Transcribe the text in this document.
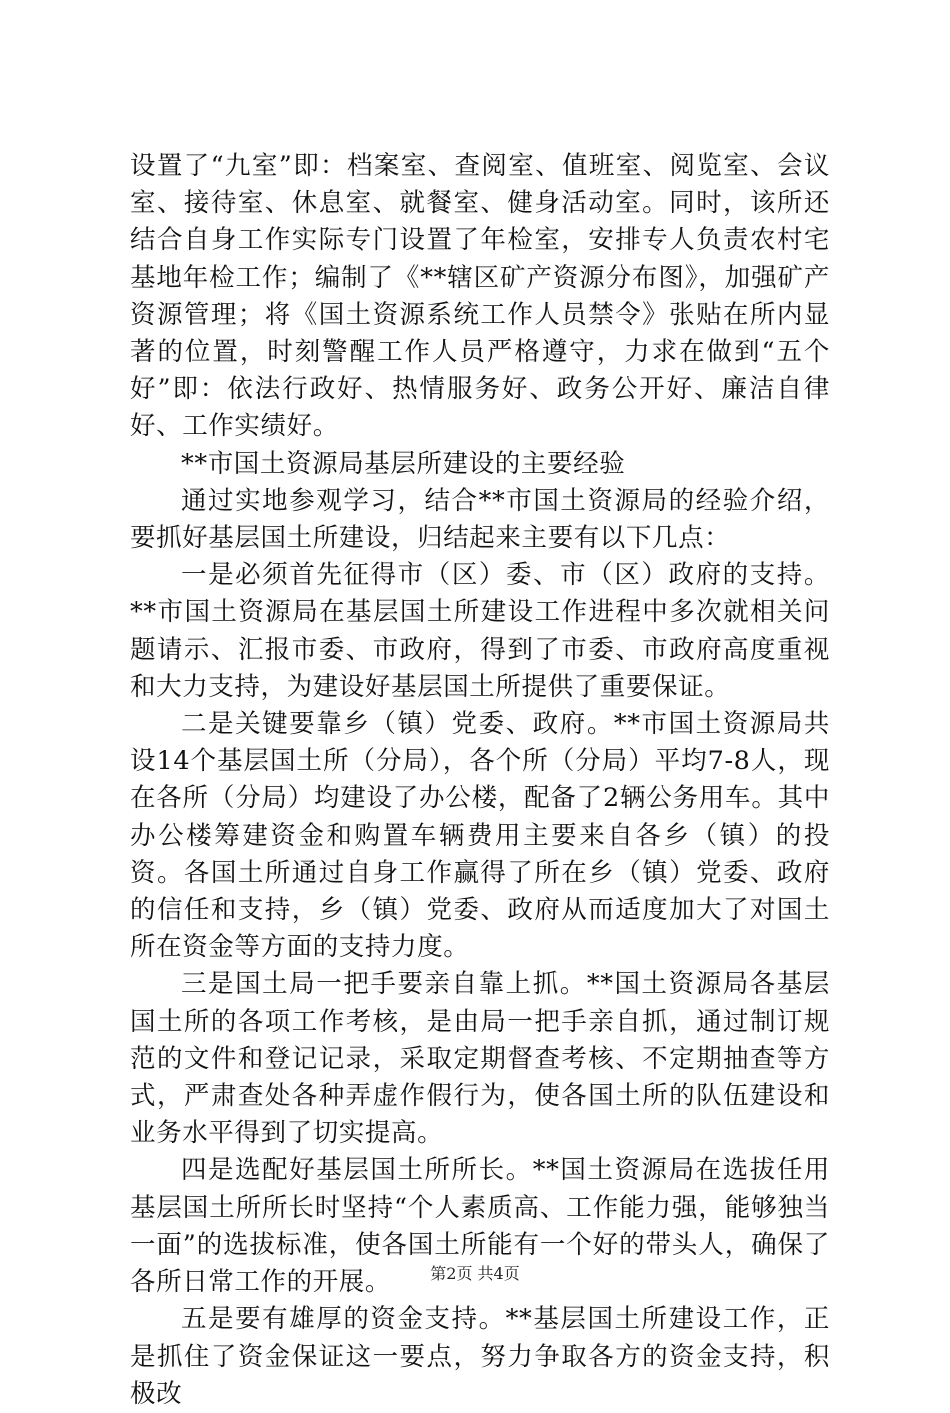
设置了“九室”即：档案室、查阅室、值班室、阅览室、会议室、接待室、休息室、就餐室、健身活动室。同时，该所还结合自身工作实际专门设置了年检室，安排专人负责农村宅基地年检工作；编制了《**辖区矿产资源分布图》，加强矿产资源管理；将《国土资源系统工作人员禁令》张贴在所内显著的位置，时刻警醒工作人员严格遵守，力求在做到“五个好”即：依法行政好、热情服务好、政务公开好、廉洁自律好、工作实绩好。

**市国土资源局基层所建设的主要经验

通过实地参观学习，结合**市国土资源局的经验介绍，要抓好基层国土所建设，归结起来主要有以下几点：

一是必须首先征得市（区）委、市（区）政府的支持。**市国土资源局在基层国土所建设工作进程中多次就相关问题请示、汇报市委、市政府，得到了市委、市政府高度重视和大力支持，为建设好基层国土所提供了重要保证。

二是关键要靠乡（镇）党委、政府。**市国土资源局共设14个基层国土所（分局），各个所（分局）平均7-8人，现在各所（分局）均建设了办公楼，配备了2辆公务用车。其中办公楼筹建资金和购置车辆费用主要来自各乡（镇）的投资。各国土所通过自身工作赢得了所在乡（镇）党委、政府的信任和支持，乡（镇）党委、政府从而适度加大了对国土所在资金等方面的支持力度。

三是国土局一把手要亲自靠上抓。**国土资源局各基层国土所的各项工作考核，是由局一把手亲自抓，通过制订规范的文件和登记记录，采取定期督查考核、不定期抽查等方式，严肃查处各种弄虚作假行为，使各国土所的队伍建设和业务水平得到了切实提高。

四是选配好基层国土所所长。**国土资源局在选拔任用基层国土所所长时坚持“个人素质高、工作能力强，能够独当一面”的选拔标准，使各国土所能有一个好的带头人，确保了各所日常工作的开展。

五是要有雄厚的资金支持。**基层国土所建设工作，正是抓住了资金保证这一要点，努力争取各方的资金支持，积极改

第2页 共4页
